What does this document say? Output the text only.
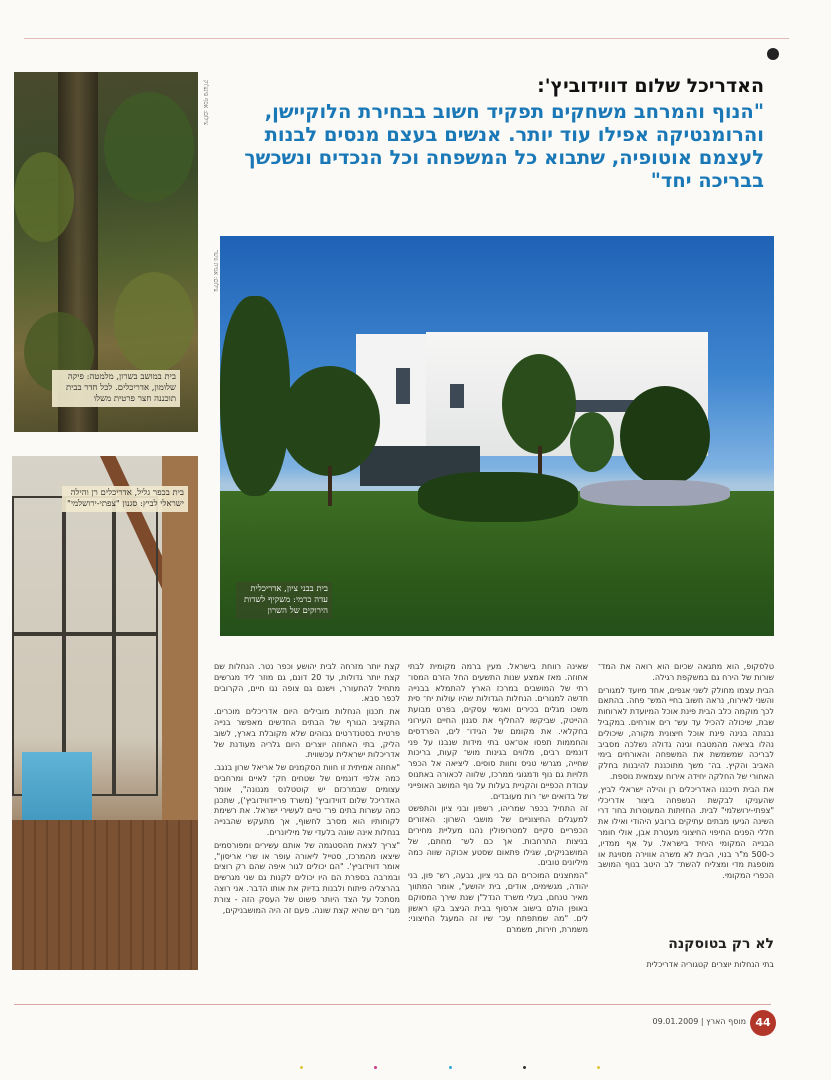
בית במושב בשרון, מלמטה: פיקה שלומון, אדריכלים. לכל חדר בבית תוכננה חצר פרטית משלו
צילום: אסף פינצ'וק
בית בכפר גליל, אדריכלים רן והילה ישראלי לביץ: סגנון "צפתי-ירושלמי"
האדריכל שלום דווידוביץ':
"הנוף והמרחב משחקים תפקיד חשוב בבחירת הלוקיישן, והרומנטיקה אפילו עוד יותר. אנשים בעצם מנסים לבנות לעצמם אוטופיה, שתבוא כל המשפחה וכל הנכדים ונשכשך בבריכה יחד"
בית בבני ציון, אדריכלית עדה כרמי: משקיף לשדות הירוקים של השרון
צילום: אמית גושר

טלסקופ, הוא מתגאה שכיום הוא רואה את המד־ שורות של הירח גם במשקפת רגילה.

הבית עצמו מחולק לשני אגפים, אחד מיועד למגורים והשני לאירוח, נראה חשוב בחיי המש־ פחה. בהתאם לכך מוקמה כלב הבית פינת אוכל המיועדת לארוחות שבת, שיכולה להכיל עד עש־ רים אורחים. במקביל נבנתה בנינה פינת אוכל חיצונית מקורה, שיכולים נהלו בציאה מהמטבח וגינה גדולה נשלכה מסביב לבריכה שמשמשת את המשפחה והאורחים בימי האביב והקיץ. בה־ משך מתוכננת להיבנות בחלק האחורי של החלקה יחידה אירוח עצמאית נוספת.

את הבית תיכננו האדריכלים רן והילה ישראלי לביץ, שהעניקו לבקשת הנשפחה ביצור אדריכלי "צפתי-ירושלמי" לבית. החזיתות המעוטרות בחו־ דרי השינה הגיעו מבתים עתיקים ברובע היהודי ואילו את חללי הפנים החיפוי החיצוני מעטרת אבן, אולי חומר הבנייה המקומי היחיד בישראל. על אף ממדיו, כ-500 מ"ר בנוי, הבית לא משרה אווירה מסויגת או מוספגת מדי ומצליח להשת־ לב היטב בנוף המושב הכפרי המקומי.

לא רק בטוסקנה

בתי הנחלות יוצרים קטגוריה אדריכלית

שאינה רווחת בישראל. מעין ברמה מקומית לבתי אחוזה. מאז אמצע שנות התשעים החל הזרם המסו־ רתי של המושבים במרכז הארץ להתמלא בבנייה חדשה למגורים. הנחלות הגדולות שהיו עולות יח־ סית משכו מגלים בכירים ואנשי עסקים, בפרט מבועת ההייטק, שביקשו להחליף את סגנון החיים העירוני בחקלאי. את מקומם של הגידו־ לים, הפרדסים והחממות תפסו אט־אט בתי מידות שנבנו על פני דונמים רבים, מלווים בגינות מוש־ קעות, בריכות שחייה, מגרשי טניס וחוות סוסים. ליציאה אל הכפר תלויות גם נוף ודמגוגי ממרכז, שלווה לכאורה באתנוס עבודת הכפיים והקניית בעלות על נוף המושב האופייני של בדואים יש־ רות מעובדים.

זה התחיל בכפר שמריהו, רשפון ובני ציון והתפשט למעגלים החיצוניים של מושבי השרון: האזורים הכפריים סקיים למטרופולין נהנו מעליית מחירים בניצות התרחבות. אך כם לש־ מחתם, של המושבניקים, שגילו פתאום שסטע אכוקה שווה כמה מיליונים טובים.

"המחצנים המוכרים הם בני ציון, גבעה, רש־ פון, בני יהודה, מגשימים, אודים, בית יהושע", אומר המתווך מאיר טנחם, בעלי משרד הנדל"ן שנת שירך המסוקם באופן הולם בישוב ארסוף בבית הגיצב בקו ראשון לים. "מה שמתפתח עכ־ שיו זה המעגל החיצוני: משמרת, חירות, משמרם

קצת יותר מזרחה לבית יהושע וכפר נטר. הנחלות שם קצת יותר גדולות, עד 20 דונם, גם מוזר ליד מגרשים מתחיל להתעורר, וישנם גם צופה נגו חיים, הקרובים לכפר סבא.

את תכנון הנחלות מובילים היום אדריכלים מוכרים. התקציב הגורף של הבתים החדשים מאפשר בנייה פרטית בסטנדרטים גבוהים שלא מקובלת בארץ, לשוב הליק, בתי האחוזה יוצרים היום גלריה מעודנת של אדריכלות ישראלית עכשווית.

"אחוזה אמיתית זו חוות הסקמנים של אריאל שרון בנגב. כמה אלפי דונמים של שטחים חק־ לאיים ומרחבים עצומים שבמרכזם יש קוטטלנס מגנונה", אומר האדריכל שלום דווידוביץ' (משרד פריידווידוביץ'), שתכנן כמה עשרות בתים פר־ טיים לעשירי ישראל. את רשימת לקוחותיו הוא מסרב לחשוף, אך מתעקש שהבנייה בנחלות אינה שונה בלעדי של מיליונרים.

"צריך לצאת מהסטגמה של אותם עשירים ומפורסמים שיצאו מהמרכז, סטייל ליאורה עופר או שרי אריסון", אומר דווידוביץ'. "הם יכולים לגור איפה שהם רק רוצים ובמרבה בספרת הם היו יכולים לקנות גם שני מגרשים בהרצליה פיתוח ולבנות בדיוק את אותו הדבר. אני רוצה מסתכל על הצד היותר פשוט של העסק הזה - צורת מגו־ רים שהיא קצת שונה. פעם זה היה המושבניקים,

מוסף הארץ | 09.01.2009 44
